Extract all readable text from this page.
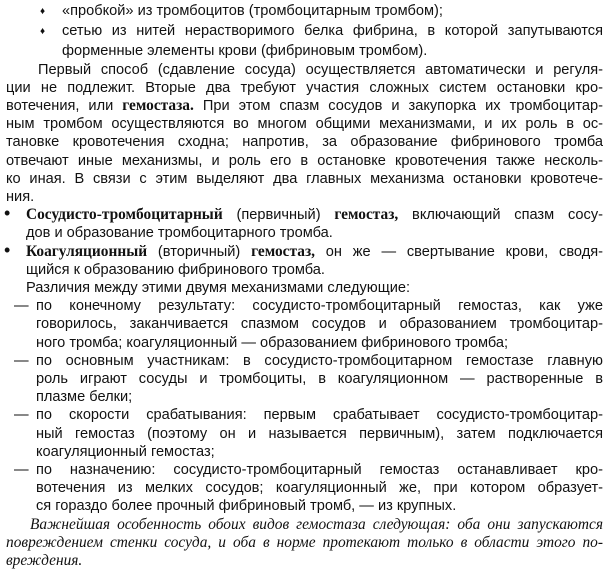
♦ «пробкой» из тромбоцитов (тромбоцитарным тромбом);
♦ сетью из нитей нерастворимого белка фибрина, в которой запутываются
форменные элементы крови (фибриновым тромбом).
Первый способ (сдавление сосуда) осуществляется автоматически и регуля-
ции не подлежит. Вторые два требуют участия сложных систем остановки кро-
вотечения, или гемостаза. При этом спазм сосудов и закупорка их тромбоцитар-
ным тромбом осуществляются во многом общими механизмами, и их роль в ос-
тановке кровотечения сходна; напротив, за образование фибринового тромба
отвечают иные механизмы, и роль его в остановке кровотечения также несколь-
ко иная. В связи с этим выделяют два главных механизма остановки кровотече-
ния.
• Сосудисто-тромбоцитарный (первичный) гемостаз, включающий спазм сосу-
дов и образование тромбоцитарного тромба.
• Коагуляционный (вторичный) гемостаз, он же — свертывание крови, сводя-
щийся к образованию фибринового тромба.
Различия между этими двумя механизмами следующие:
— по конечному результату: сосудисто-тромбоцитарный гемостаз, как уже
говорилось, заканчивается спазмом сосудов и образованием тромбоцитар-
ного тромба; коагуляционный — образованием фибринового тромба;
— по основным участникам: в сосудисто-тромбоцитарном гемостазе главную
роль играют сосуды и тромбоциты, в коагуляционном — растворенные в
плазме белки;
— по скорости срабатывания: первым срабатывает сосудисто-тромбоцитар-
ный гемостаз (поэтому он и называется первичным), затем подключается
коагуляционный гемостаз;
— по назначению: сосудисто-тромбоцитарный гемостаз останавливает кро-
вотечения из мелких сосудов; коагуляционный же, при котором образует-
ся гораздо более прочный фибриновый тромб, — из крупных.
Важнейшая особенность обоих видов гемостаза следующая: оба они запускаются
повреждением стенки сосуда, и оба в норме протекают только в области этого по-
вреждения.
